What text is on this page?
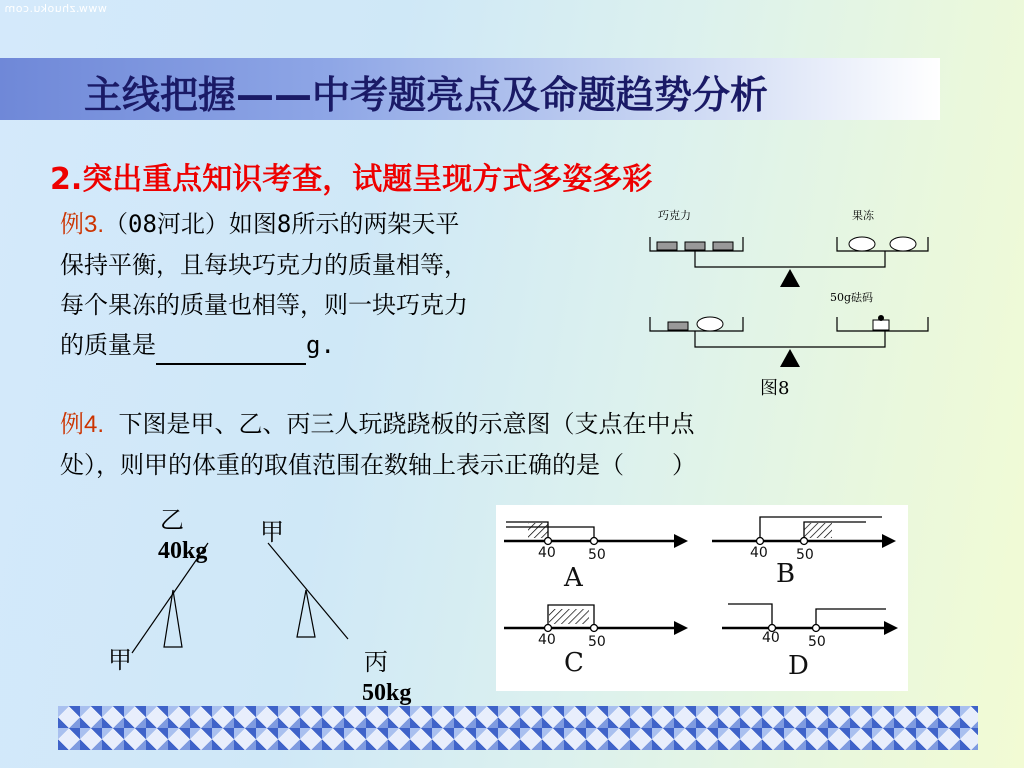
www.zhuoku.com
主线把握——中考题亮点及命题趋势分析
2.突出重点知识考查，试题呈现方式多姿多彩
例3.（08河北）如图8所示的两架天平
保持平衡，且每块巧克力的质量相等，
每个果冻的质量也相等，则一块巧克力
的质量是	g.
巧克力	果冻
50g砝码
图8
例4. 下图是甲、乙、丙三人玩跷跷板的示意图（支点在中点
处），则甲的体重的取值范围在数轴上表示正确的是（　　）
乙
40kg
甲
甲	丙
50kg
40 50
A
40 50
B
40 50
C
40 50
D
